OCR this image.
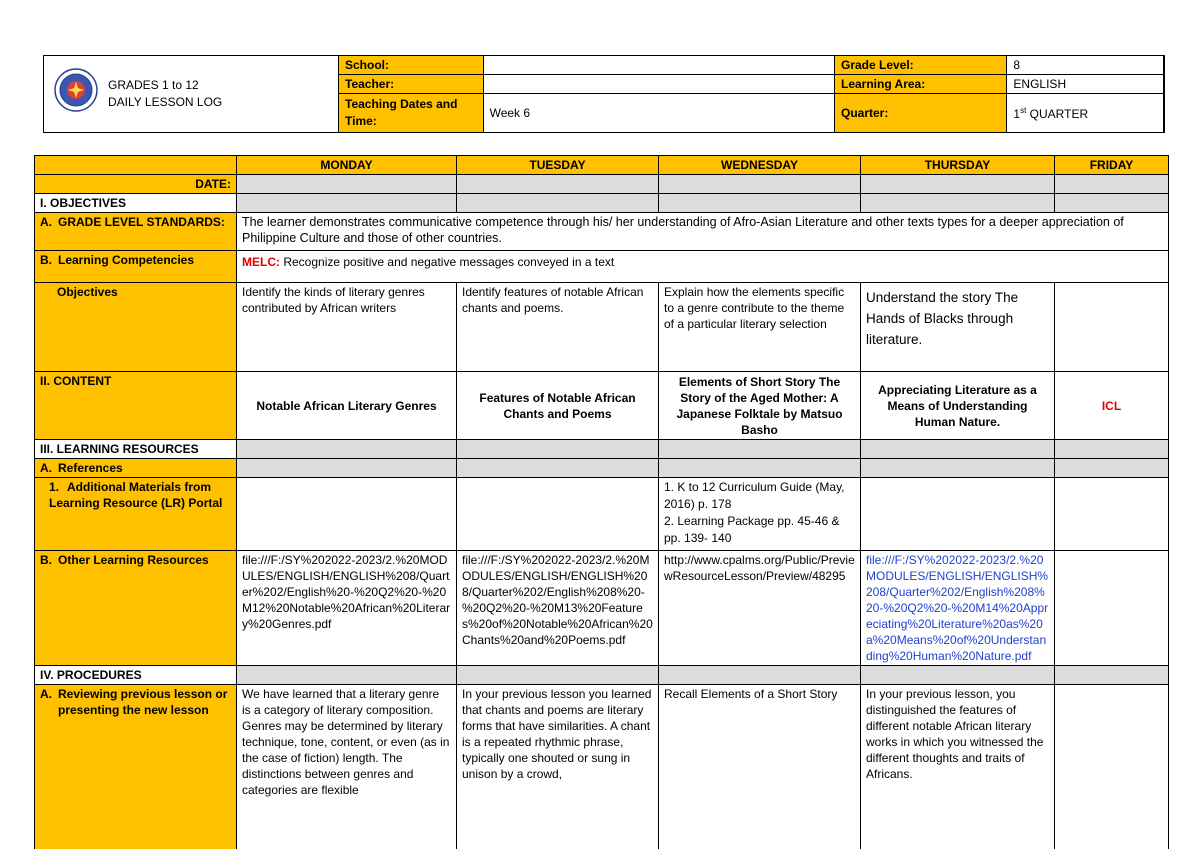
GRADES 1 to 12
DAILY LESSON LOG
School:		Grade Level:	8
Teacher:		Learning Area:	ENGLISH
Teaching Dates and Time:	Week 6	Quarter:	1st QUARTER
	MONDAY	TUESDAY	WEDNESDAY	THURSDAY	FRIDAY
DATE:					
I. OBJECTIVES					
A. GRADE LEVEL STANDARDS:	The learner demonstrates communicative competence through his/ her understanding of Afro-Asian Literature and other texts types for a deeper appreciation of Philippine Culture and those of other countries.				
B. Learning Competencies	MELC: Recognize positive and negative messages conveyed in a text				
Objectives	Identify the kinds of literary genres contributed by African writers	Identify features of notable African chants and poems.	Explain how the elements specific to a genre contribute to the theme of a particular literary selection	Understand the story The Hands of Blacks through literature.	
II. CONTENT	Notable African Literary Genres	Features of Notable African Chants and Poems	Elements of Short Story The Story of the Aged Mother: A Japanese Folktale by Matsuo Basho	Appreciating Literature as a Means of Understanding Human Nature.	ICL
III. LEARNING RESOURCES					
A. References					
1. Additional Materials from Learning Resource (LR) Portal			1. K to 12 Curriculum Guide (May, 2016) p. 178
2. Learning Package pp. 45-46 & pp. 139- 140		
B. Other Learning Resources	file:///F:/SY%202022-2023/2.%20MODULES/ENGLISH/ENGLISH%208/Quarter%202/English%20-%20Q2%20-%20M12%20Notable%20African%20Literary%20Genres.pdf	file:///F:/SY%202022-2023/2.%20MODULES/ENGLISH/ENGLISH%208/Quarter%202/English%208%20-%20Q2%20-%20M13%20Features%20of%20Notable%20African%20Chants%20and%20Poems.pdf	http://www.cpalms.org/Public/PreviewResourceLesson/Preview/48295	file:///F:/SY%202022-2023/2.%20MODULES/ENGLISH/ENGLISH%208/Quarter%202/English%208%20-%20Q2%20-%20M14%20Appreciating%20Literature%20as%20a%20Means%20of%20Understanding%20Human%20Nature.pdf	
IV. PROCEDURES					

A. Reviewing previous lesson or presenting the new lesson	We have learned that a literary genre is a category of literary composition. Genres may be determined by literary technique, tone, content, or even (as in the case of fiction) length. The distinctions between genres and categories are flexible	In your previous lesson you learned that chants and poems are literary forms that have similarities. A chant is a repeated rhythmic phrase, typically one shouted or sung in unison by a crowd,	Recall Elements of a Short Story	In your previous lesson, you distinguished the features of different notable African literary works in which you witnessed the different thoughts and traits of Africans.	
